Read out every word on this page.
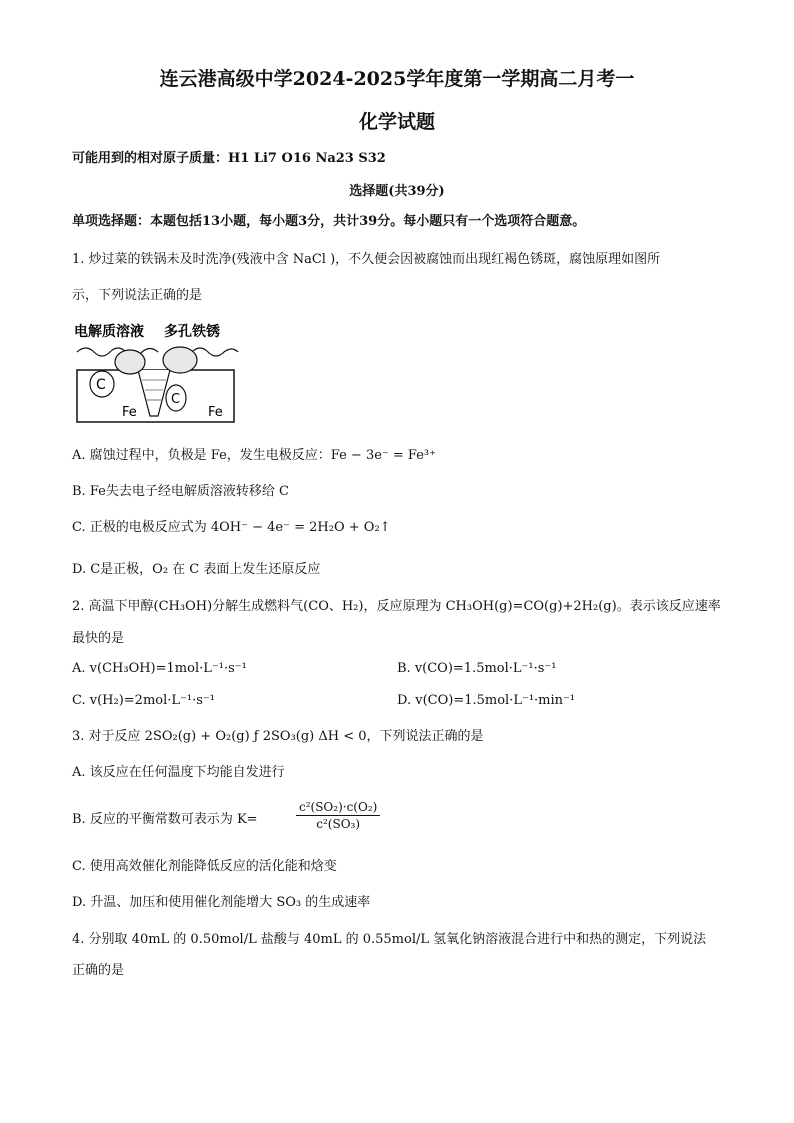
连云港高级中学2024-2025学年度第一学期高二月考一
化学试题
可能用到的相对原子质量：H1 Li7 O16 Na23 S32
选择题(共39分)
单项选择题：本题包括13小题，每小题3分，共计39分。每小题只有一个选项符合题意。
1. 炒过菜的铁锅未及时洗净(残液中含 NaCl )，不久便会因被腐蚀而出现红褐色锈斑，腐蚀原理如图所
示，下列说法正确的是
电解质溶液 多孔铁锈
C
C
Fe	Fe
A. 腐蚀过程中，负极是 Fe，发生电极反应：Fe − 3e⁻ = Fe³⁺
B. Fe失去电子经电解质溶液转移给 C
C. 正极的电极反应式为 4OH⁻ − 4e⁻ = 2H₂O + O₂↑
D. C是正极，O₂ 在 C 表面上发生还原反应
2. 高温下甲醇(CH₃OH)分解生成燃料气(CO、H₂)，反应原理为 CH₃OH(g)=CO(g)+2H₂(g)。表示该反应速率
最快的是
A. v(CH₃OH)=1mol·L⁻¹·s⁻¹	B. v(CO)=1.5mol·L⁻¹·s⁻¹
C. v(H₂)=2mol·L⁻¹·s⁻¹	D. v(CO)=1.5mol·L⁻¹·min⁻¹
3. 对于反应 2SO₂(g) + O₂(g) ƒ 2SO₃(g) ΔH < 0，下列说法正确的是
A. 该反应在任何温度下均能自发进行
B. 反应的平衡常数可表示为 K=	$\frac{\text{c²(SO₂)·c(O₂)}}{\text{c²(SO₃)}}$
C. 使用高效催化剂能降低反应的活化能和焓变
D. 升温、加压和使用催化剂能增大 SO₃ 的生成速率
4. 分别取 40mL 的 0.50mol/L 盐酸与 40mL 的 0.55mol/L 氢氧化钠溶液混合进行中和热的测定，下列说法
正确的是
